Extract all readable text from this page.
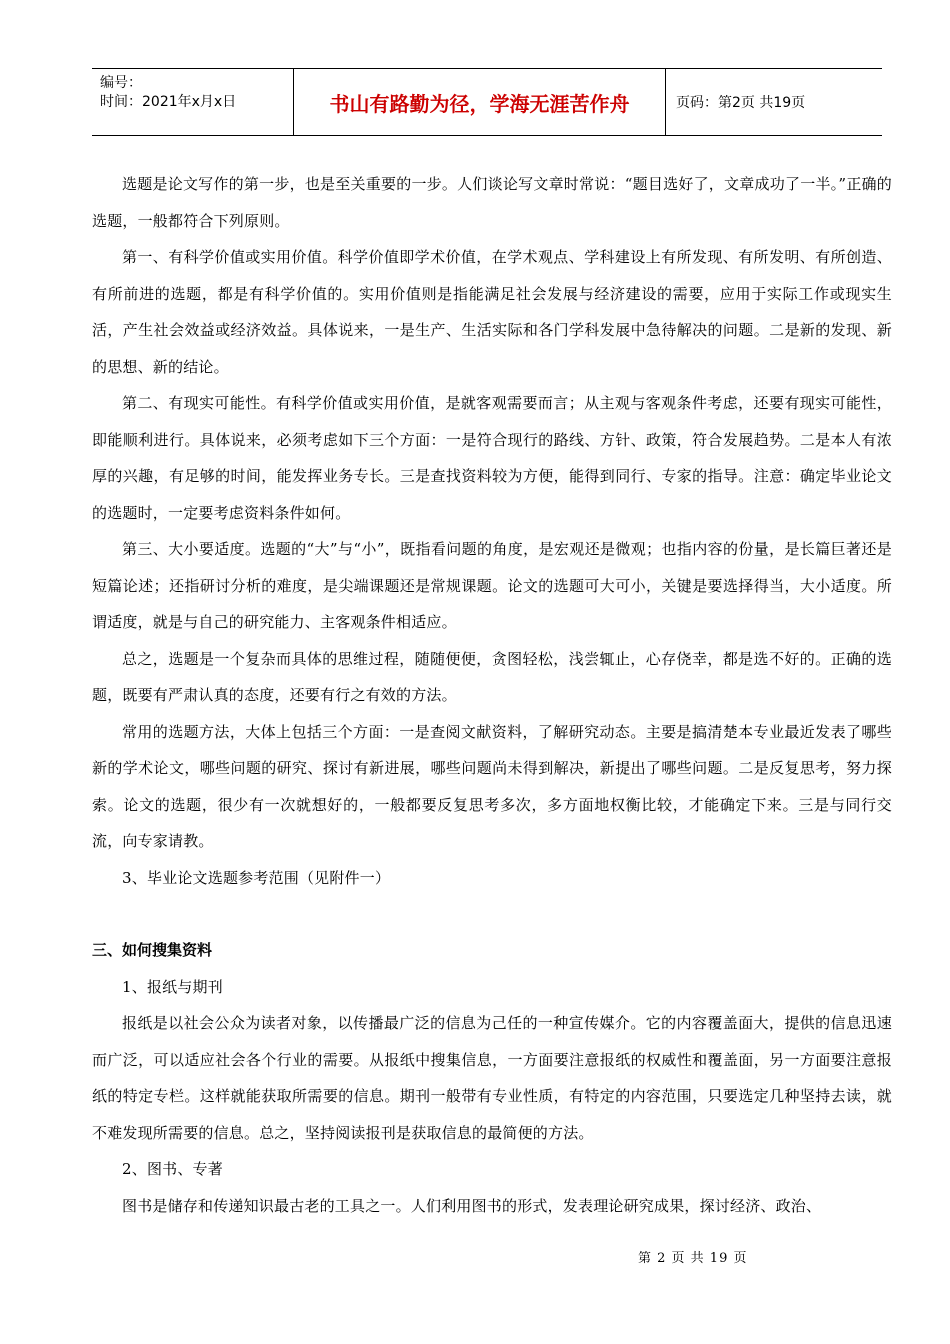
编号：
时间：2021年x月x日	书山有路勤为径，学海无涯苦作舟	页码：第2页 共19页

选题是论文写作的第一步，也是至关重要的一步。人们谈论写文章时常说：“题目选好了，文章成功了一半。”正确的选题，一般都符合下列原则。

第一、有科学价值或实用价值。科学价值即学术价值，在学术观点、学科建设上有所发现、有所发明、有所创造、有所前进的选题，都是有科学价值的。实用价值则是指能满足社会发展与经济建设的需要，应用于实际工作或现实生活，产生社会效益或经济效益。具体说来，一是生产、生活实际和各门学科发展中急待解决的问题。二是新的发现、新的思想、新的结论。

第二、有现实可能性。有科学价值或实用价值，是就客观需要而言；从主观与客观条件考虑，还要有现实可能性，即能顺利进行。具体说来，必须考虑如下三个方面：一是符合现行的路线、方针、政策，符合发展趋势。二是本人有浓厚的兴趣，有足够的时间，能发挥业务专长。三是查找资料较为方便，能得到同行、专家的指导。注意：确定毕业论文的选题时，一定要考虑资料条件如何。

第三、大小要适度。选题的“大”与“小”，既指看问题的角度，是宏观还是微观；也指内容的份量，是长篇巨著还是短篇论述；还指研讨分析的难度，是尖端课题还是常规课题。论文的选题可大可小，关键是要选择得当，大小适度。所谓适度，就是与自己的研究能力、主客观条件相适应。

总之，选题是一个复杂而具体的思维过程，随随便便，贪图轻松，浅尝辄止，心存侥幸，都是选不好的。正确的选题，既要有严肃认真的态度，还要有行之有效的方法。

常用的选题方法，大体上包括三个方面：一是查阅文献资料，了解研究动态。主要是搞清楚本专业最近发表了哪些新的学术论文，哪些问题的研究、探讨有新进展，哪些问题尚未得到解决，新提出了哪些问题。二是反复思考，努力探索。论文的选题，很少有一次就想好的，一般都要反复思考多次，多方面地权衡比较，才能确定下来。三是与同行交流，向专家请教。

3、毕业论文选题参考范围（见附件一）

三、如何搜集资料

1、报纸与期刊

报纸是以社会公众为读者对象，以传播最广泛的信息为己任的一种宣传媒介。它的内容覆盖面大，提供的信息迅速而广泛，可以适应社会各个行业的需要。从报纸中搜集信息，一方面要注意报纸的权威性和覆盖面，另一方面要注意报纸的特定专栏。这样就能获取所需要的信息。期刊一般带有专业性质，有特定的内容范围，只要选定几种坚持去读，就不难发现所需要的信息。总之，坚持阅读报刊是获取信息的最简便的方法。

2、图书、专著

图书是储存和传递知识最古老的工具之一。人们利用图书的形式，发表理论研究成果，探讨经济、政治、

第 2 页 共 19 页
